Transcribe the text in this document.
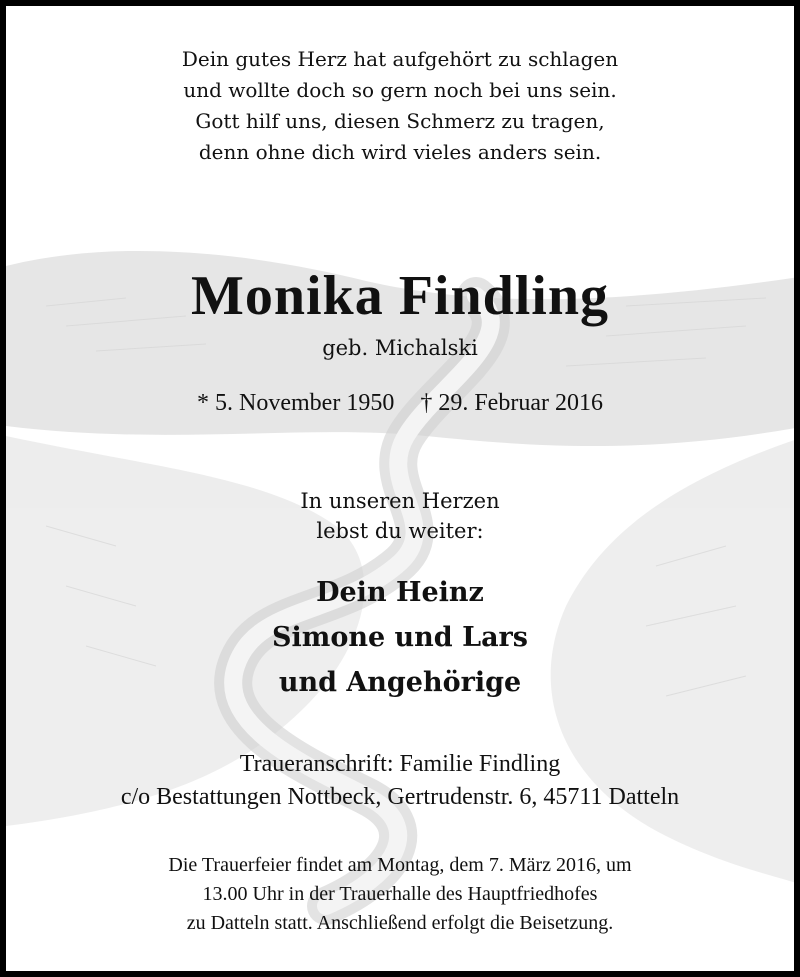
Dein gutes Herz hat aufgehört zu schlagen
und wollte doch so gern noch bei uns sein.
Gott hilf uns, diesen Schmerz zu tragen,
denn ohne dich wird vieles anders sein.
Monika Findling
geb. Michalski
* 5. November 1950 † 29. Februar 2016
In unseren Herzen
lebst du weiter:
Dein Heinz
Simone und Lars
und Angehörige
Traueranschrift: Familie Findling
c/o Bestattungen Nottbeck, Gertrudenstr. 6, 45711 Datteln
Die Trauerfeier findet am Montag, dem 7. März 2016, um
13.00 Uhr in der Trauerhalle des Hauptfriedhofes
zu Datteln statt. Anschließend erfolgt die Beisetzung.
